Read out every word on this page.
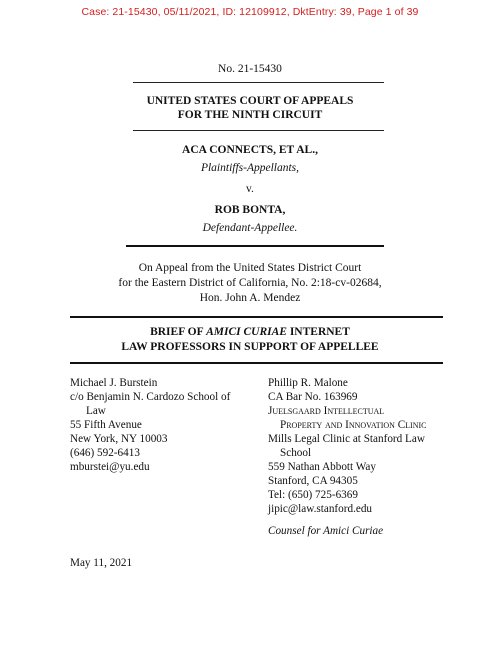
Case: 21-15430, 05/11/2021, ID: 12109912, DktEntry: 39, Page 1 of 39
No. 21-15430
UNITED STATES COURT OF APPEALS
FOR THE NINTH CIRCUIT
ACA CONNECTS, ET AL.,
Plaintiffs-Appellants,
v.
ROB BONTA,
Defendant-Appellee.
On Appeal from the United States District Court
for the Eastern District of California, No. 2:18-cv-02684,
Hon. John A. Mendez
BRIEF OF AMICI CURIAE INTERNET
LAW PROFESSORS IN SUPPORT OF APPELLEE
Michael J. Burstein
c/o Benjamin N. Cardozo School of
Law
55 Fifth Avenue
New York, NY 10003
(646) 592-6413
mburstei@yu.edu
Phillip R. Malone
CA Bar No. 163969
Juelsgaard Intellectual
Property and Innovation Clinic
Mills Legal Clinic at Stanford Law
School
559 Nathan Abbott Way
Stanford, CA 94305
Tel: (650) 725-6369
jipic@law.stanford.edu
Counsel for Amici Curiae
May 11, 2021
